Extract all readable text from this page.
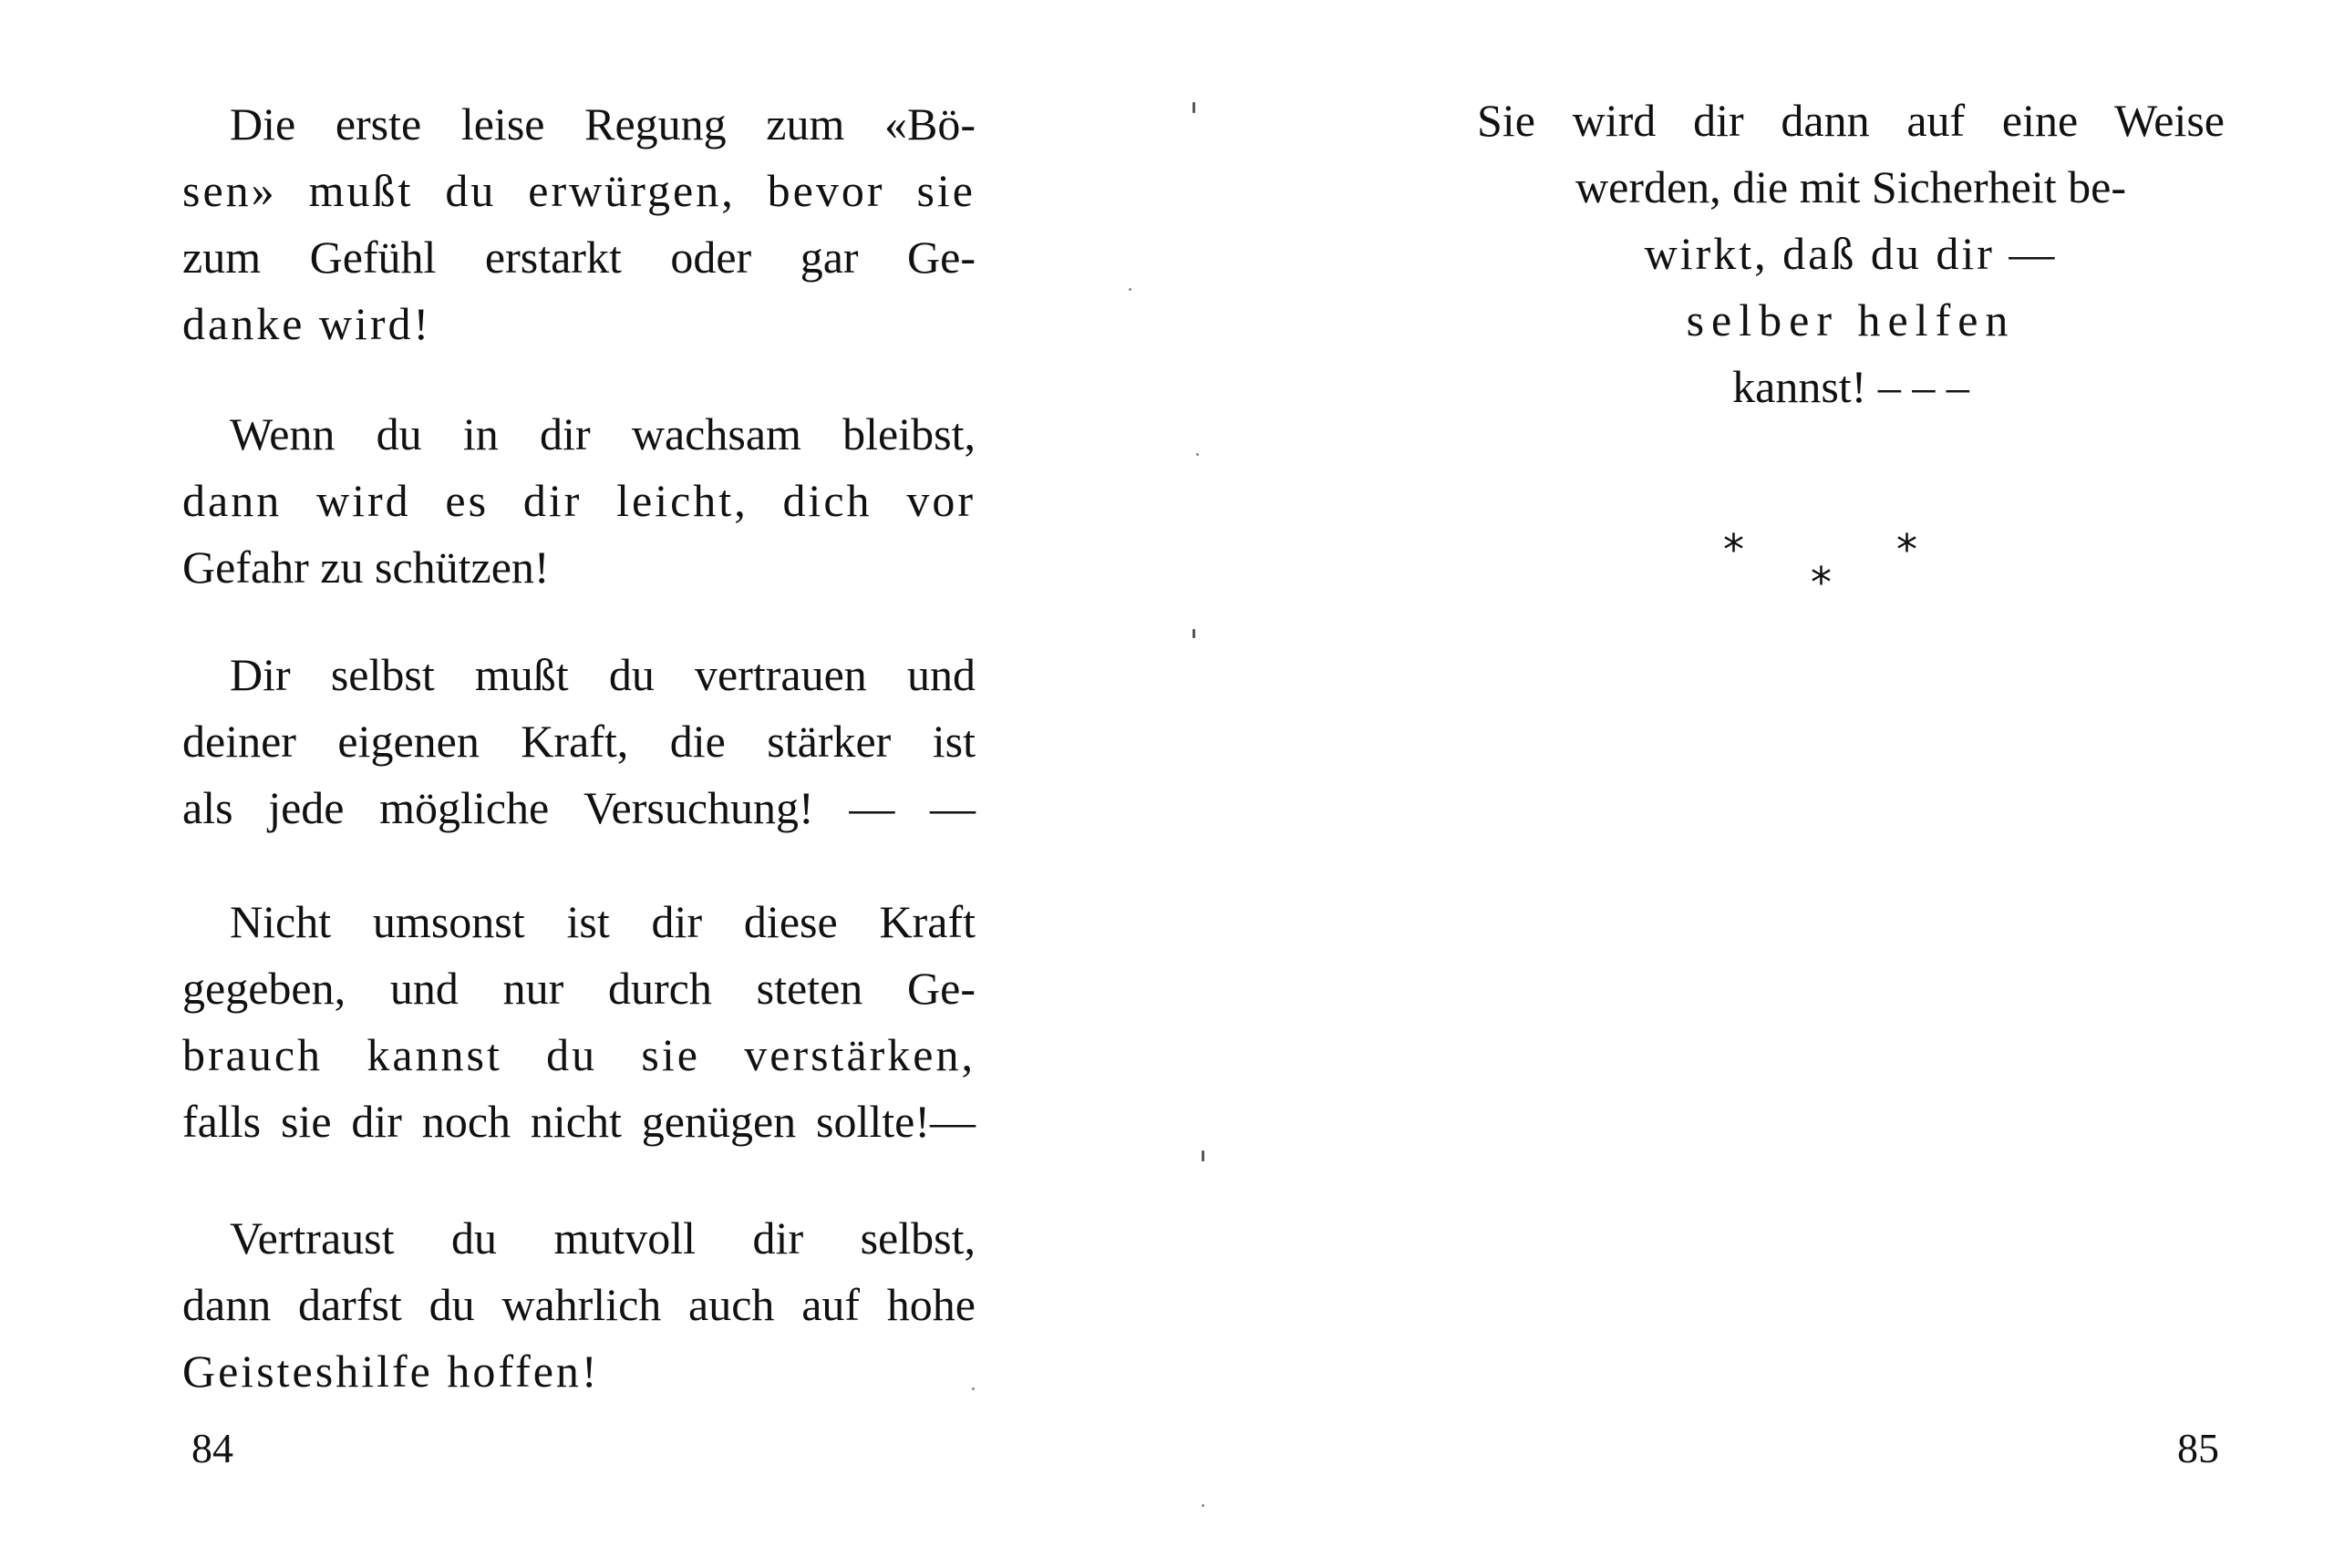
Die erste leise Regung zum «Bö-
sen» mußt du erwürgen, bevor sie
zum Gefühl erstarkt oder gar Ge-
danke wird!
Wenn du in dir wachsam bleibst,
dann wird es dir leicht, dich vor
Gefahr zu schützen!
Dir selbst mußt du vertrauen und
deiner eigenen Kraft, die stärker ist
als jede mögliche Versuchung! — —
Nicht umsonst ist dir diese Kraft
gegeben, und nur durch steten Ge-
brauch kannst du sie verstärken,
falls sie dir noch nicht genügen sollte!—
Vertraust du mutvoll dir selbst,
dann darfst du wahrlich auch auf hohe
Geisteshilfe hoffen!

84

Sie wird dir dann auf eine Weise
werden, die mit Sicherheit be-
wirkt, daß du dir —
selber helfen
kannst! – – –
*
*
*

85
